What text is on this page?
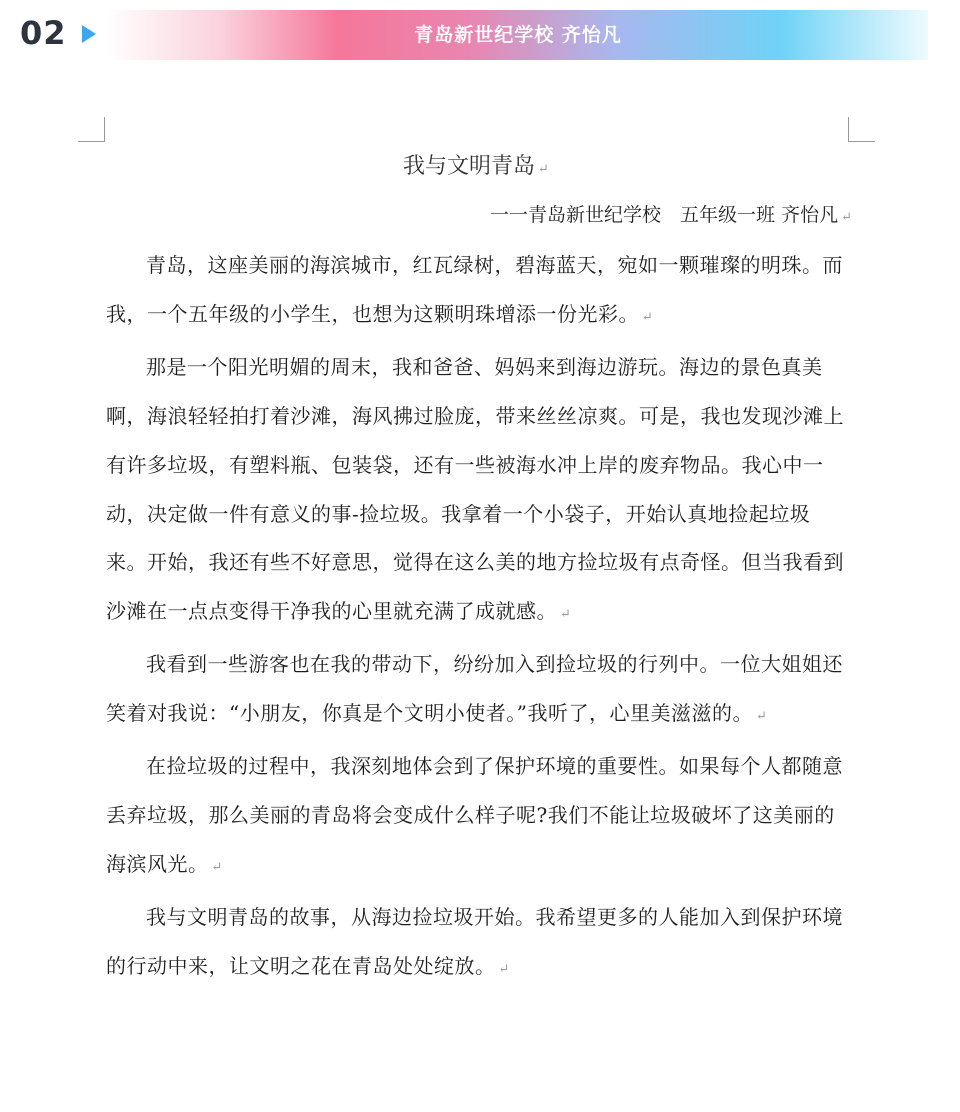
02	青岛新世纪学校 齐怡凡
我与文明青岛 ↵
一一青岛新世纪学校　五年级一班 齐怡凡 ↵

青岛，这座美丽的海滨城市，红瓦绿树，碧海蓝天，宛如一颗璀璨的明珠。而我，一个五年级的小学生，也想为这颗明珠增添一份光彩。 ↵

那是一个阳光明媚的周末，我和爸爸、妈妈来到海边游玩。海边的景色真美啊，海浪轻轻拍打着沙滩，海风拂过脸庞，带来丝丝凉爽。可是，我也发现沙滩上有许多垃圾，有塑料瓶、包装袋，还有一些被海水冲上岸的废弃物品。我心中一动，决定做一件有意义的事-捡垃圾。我拿着一个小袋子，开始认真地捡起垃圾来。开始，我还有些不好意思，觉得在这么美的地方捡垃圾有点奇怪。但当我看到沙滩在一点点变得干净我的心里就充满了成就感。 ↵

我看到一些游客也在我的带动下，纷纷加入到捡垃圾的行列中。一位大姐姐还笑着对我说：“小朋友，你真是个文明小使者。”我听了，心里美滋滋的。 ↵

在捡垃圾的过程中，我深刻地体会到了保护环境的重要性。如果每个人都随意丢弃垃圾，那么美丽的青岛将会变成什么样子呢?我们不能让垃圾破坏了这美丽的海滨风光。 ↵

我与文明青岛的故事，从海边捡垃圾开始。我希望更多的人能加入到保护环境的行动中来，让文明之花在青岛处处绽放。 ↵
